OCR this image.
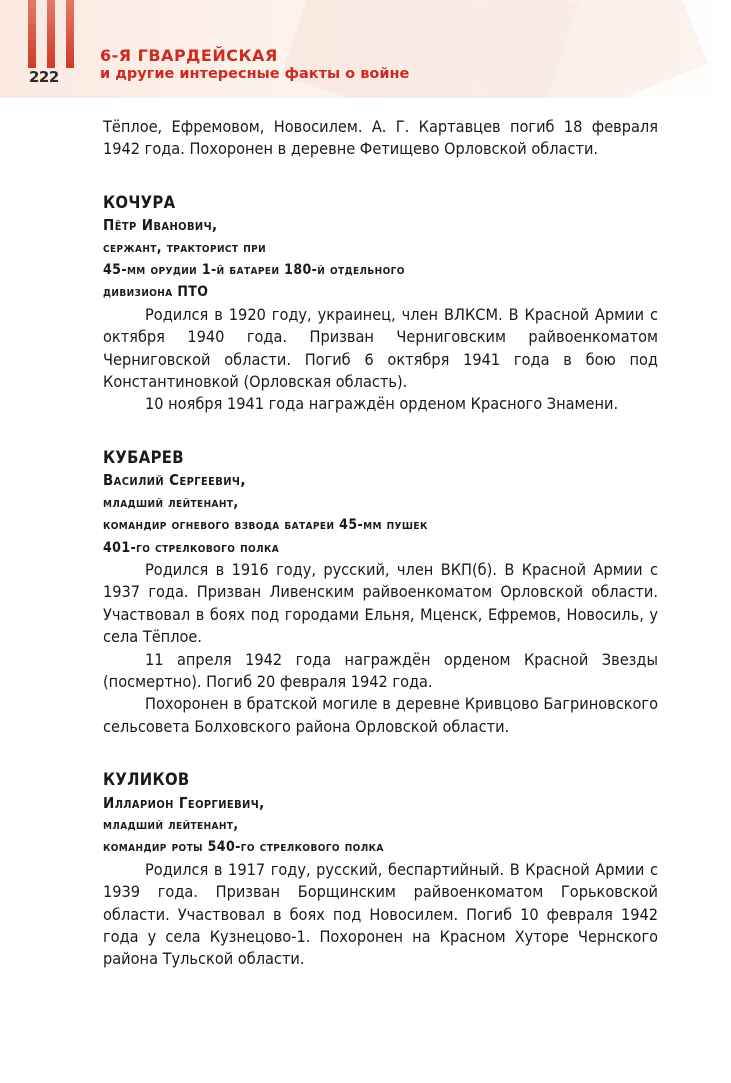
222
6-Я ГВАРДЕЙСКАЯ
и другие интересные факты о войне

Тёплое, Ефремовом, Новосилем. А. Г. Картавцев погиб 18 февраля 1942 года. Похоронен в деревне Фетищево Орловской области.

КОЧУРА
Пётр Иванович,
сержант, тракторист при
45-мм орудии 1-й батареи 180-й отдельного
дивизиона ПТО

Родился в 1920 году, украинец, член ВЛКСМ. В Красной Армии с октября 1940 года. Призван Черниговским райвоенкоматом Черниговской области. Погиб 6 октября 1941 года в бою под Константиновкой (Орловская область).

10 ноября 1941 года награждён орденом Красного Знамени.

КУБАРЕВ
Василий Сергеевич,
младший лейтенант,
командир огневого взвода батареи 45-мм пушек
401-го стрелкового полка

Родился в 1916 году, русский, член ВКП(б). В Красной Армии с 1937 года. Призван Ливенским райвоенкоматом Орловской области. Участвовал в боях под городами Ельня, Мценск, Ефремов, Новосиль, у села Тёплое.

11 апреля 1942 года награждён орденом Красной Звезды (посмертно). Погиб 20 февраля 1942 года.

Похоронен в братской могиле в деревне Кривцово Багриновского сельсовета Болховского района Орловской области.

КУЛИКОВ
Илларион Георгиевич,
младший лейтенант,
командир роты 540-го стрелкового полка

Родился в 1917 году, русский, беспартийный. В Красной Армии с 1939 года. Призван Борщинским райвоенкоматом Горьковской области. Участвовал в боях под Новосилем. Погиб 10 февраля 1942 года у села Кузнецово-1. Похоронен на Красном Хуторе Чернского района Тульской области.
